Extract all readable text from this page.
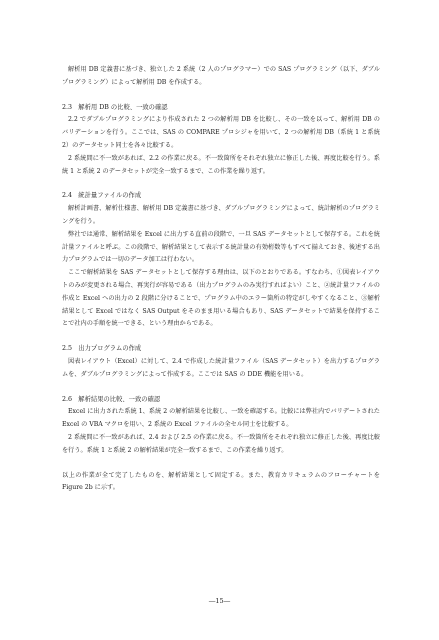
解析用 DB 定義書に基づき、独立した 2 系統（2 人のプログラマー）での SAS プログラミング（以下、ダブルプログラミング）によって解析用 DB を作成する。

2.3　解析用 DB の比較、一致の確認

2.2 でダブルプログラミングにより作成された 2 つの解析用 DB を比較し、その一致を以って、解析用 DB のバリデーションを行う。ここでは、SAS の COMPARE プロシジャを用いて、2 つの解析用 DB（系統 1 と系統 2）のデータセット同士を各々比較する。

2 系統間に不一致があれば、2.2 の作業に戻る。不一致箇所をそれぞれ独立に修正した後、再度比較を行う。系統 1 と系統 2 のデータセットが完全一致するまで、この作業を繰り返す。

2.4　統計量ファイルの作成

解析計画書、解析仕様書、解析用 DB 定義書に基づき、ダブルプログラミングによって、統計解析のプログラミングを行う。

弊社では通常、解析結果を Excel に出力する直前の段階で、一旦 SAS データセットとして保存する。これを統計量ファイルと呼ぶ。この段階で、解析結果として表示する統計量の有効桁数等もすべて揃えておき、後述する出力プログラムでは一切のデータ加工は行わない。

ここで解析結果を SAS データセットとして保存する理由は、以下のとおりである。すなわち、①図表レイアウトのみが変更される場合、再実行が容易である（出力プログラムのみ実行すればよい）こと、②統計量ファイルの作成と Excel への出力の 2 段階に分けることで、プログラム中のエラー箇所の特定がしやすくなること、③解析結果として Excel ではなく SAS Output をそのまま用いる場合もあり、SAS データセットで結果を保持することで社内の手順を統一できる、という理由からである。

2.5　出力プログラムの作成

図表レイアウト（Excel）に対して、2.4 で作成した統計量ファイル（SAS データセット）を出力するプログラムを、ダブルプログラミングによって作成する。ここでは SAS の DDE 機能を用いる。

2.6　解析結果の比較、一致の確認

Excel に出力された系統 1、系統 2 の解析結果を比較し、一致を確認する。比較には弊社内でバリデートされた Excel の VBA マクロを用い、2 系統の Excel ファイルの全セル同士を比較する。

2 系統間に不一致があれば、2.4 および 2.5 の作業に戻る。不一致箇所をそれぞれ独立に修正した後、再度比較を行う。系統 1 と系統 2 の解析結果が完全一致するまで、この作業を繰り返す。

以上の作業が全て完了したものを、解析結果として固定する。また、教育カリキュラムのフローチャートを Figure 2b に示す。

―15―
